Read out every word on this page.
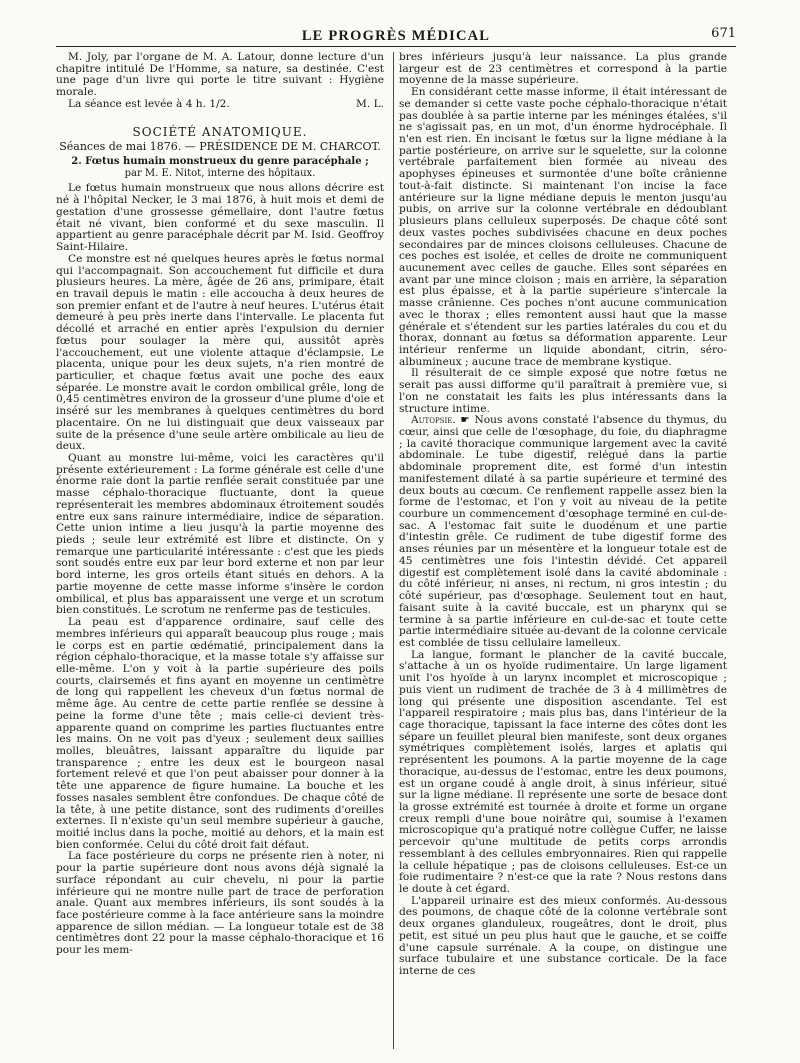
LE PROGRÈS MÉDICAL	671

M. Joly, par l'organe de M. A. Latour, donne lecture d'un chapitre intitulé De l'Homme, sa nature, sa destinée. C'est une page d'un livre qui porte le titre suivant : Hygiène morale.

La séance est levée à 4 h. 1/2.	M. L.

SOCIÉTÉ ANATOMIQUE.
Séances de mai 1876. — PRÉSIDENCE DE M. CHARCOT.
2. Fœtus humain monstrueux du genre paracéphale ;
par M. E. Nitot, interne des hôpitaux.

Le fœtus humain monstrueux que nous allons décrire est né à l'hôpital Necker, le 3 mai 1876, à huit mois et demi de gestation d'une grossesse gémellaire, dont l'autre fœtus était né vivant, bien conformé et du sexe masculin. Il appartient au genre paracéphale décrit par M. Isid. Geoffroy Saint-Hilaire.

Ce monstre est né quelques heures après le fœtus normal qui l'accompagnait. Son accouchement fut difficile et dura plusieurs heures. La mère, âgée de 26 ans, primipare, était en travail depuis le matin : elle accoucha à deux heures de son premier enfant et de l'autre à neuf heures. L'utérus était demeuré à peu près inerte dans l'intervalle. Le placenta fut décollé et arraché en entier après l'expulsion du dernier fœtus pour soulager la mère qui, aussitôt après l'accouchement, eut une violente attaque d'éclampsie. Le placenta, unique pour les deux sujets, n'a rien montré de particulier, et chaque fœtus avait une poche des eaux séparée. Le monstre avait le cordon ombilical grêle, long de 0,45 centimètres environ de la grosseur d'une plume d'oie et inséré sur les membranes à quelques centimètres du bord placentaire. On ne lui distinguait que deux vaisseaux par suite de la présence d'une seule artère ombilicale au lieu de deux.

Quant au monstre lui-même, voici les caractères qu'il présente extérieurement : La forme générale est celle d'une énorme raie dont la partie renflée serait constituée par une masse céphalo-thoracique fluctuante, dont la queue représenterait les membres abdominaux étroitement soudés entre eux sans rainure intermédiaire, indice de séparation. Cette union intime a lieu jusqu'à la partie moyenne des pieds ; seule leur extrémité est libre et distincte. On y remarque une particularité intéressante : c'est que les pieds sont soudés entre eux par leur bord externe et non par leur bord interne, les gros orteils étant situés en dehors. A la partie moyenne de cette masse informe s'insère le cordon ombilical, et plus bas apparaissent une verge et un scrotum bien constitués. Le scrotum ne renferme pas de testicules.

La peau est d'apparence ordinaire, sauf celle des membres inférieurs qui apparaît beaucoup plus rouge ; mais le corps est en partie œdématié, principalement dans la région céphalo-thoracique, et la masse totale s'y affaisse sur elle-même. L'on y voit à la partie supérieure des poils courts, clairsemés et fins ayant en moyenne un centimètre de long qui rappellent les cheveux d'un fœtus normal de même âge. Au centre de cette partie renflée se dessine à peine la forme d'une tête ; mais celle-ci devient très-apparente quand on comprime les parties fluctuantes entre les mains. On ne voit pas d'yeux ; seulement deux saillies molles, bleuâtres, laissant apparaître du liquide par transparence ; entre les deux est le bourgeon nasal fortement relevé et que l'on peut abaisser pour donner à la tête une apparence de figure humaine. La bouche et les fosses nasales semblent être confondues. De chaque côté de la tête, à une petite distance, sont des rudiments d'oreilles externes. Il n'existe qu'un seul membre supérieur à gauche, moitié inclus dans la poche, moitié au dehors, et la main est bien conformée. Celui du côté droit fait défaut.

La face postérieure du corps ne présente rien à noter, ni pour la partie supérieure dont nous avons déjà signalé la surface répondant au cuir chevelu, ni pour la partie inférieure qui ne montre nulle part de trace de perforation anale. Quant aux membres inférieurs, ils sont soudés à la face postérieure comme à la face antérieure sans la moindre apparence de sillon médian. — La longueur totale est de 38 centimètres dont 22 pour la masse céphalo-thoracique et 16 pour les mem-

bres inférieurs jusqu'à leur naissance. La plus grande largeur est de 23 centimètres et correspond à la partie moyenne de la masse supérieure.

En considérant cette masse informe, il était intéressant de se demander si cette vaste poche céphalo-thoracique n'était pas doublée à sa partie interne par les méninges étalées, s'il ne s'agissait pas, en un mot, d'un énorme hydrocéphale. Il n'en est rien. En incisant le fœtus sur la ligne médiane à la partie postérieure, on arrive sur le squelette, sur la colonne vertébrale parfaitement bien formée au niveau des apophyses épineuses et surmontée d'une boîte crânienne tout-à-fait distincte. Si maintenant l'on incise la face antérieure sur la ligne médiane depuis le menton jusqu'au pubis, on arrive sur la colonne vertébrale en dédoublant plusieurs plans celluleux superposés. De chaque côté sont deux vastes poches subdivisées chacune en deux poches secondaires par de minces cloisons celluleuses. Chacune de ces poches est isolée, et celles de droite ne communiquent aucunement avec celles de gauche. Elles sont séparées en avant par une mince cloison ; mais en arrière, la séparation est plus épaisse, et à la partie supérieure s'intercale la masse crânienne. Ces poches n'ont aucune communication avec le thorax ; elles remontent aussi haut que la masse générale et s'étendent sur les parties latérales du cou et du thorax, donnant au fœtus sa déformation apparente. Leur intérieur renferme un liquide abondant, citrin, séro-albumineux ; aucune trace de membrane kystique.

Il résulterait de ce simple exposé que notre fœtus ne serait pas aussi difforme qu'il paraîtrait à première vue, si l'on ne constatait les faits les plus intéressants dans la structure intime.

Autopsie. ☛ Nous avons constaté l'absence du thymus, du cœur, ainsi que celle de l'œsophage, du foie, du diaphragme ; la cavité thoracique communique largement avec la cavité abdominale. Le tube digestif, relégué dans la partie abdominale proprement dite, est formé d'un intestin manifestement dilaté à sa partie supérieure et terminé des deux bouts au cœcum. Ce renflement rappelle assez bien la forme de l'estomac, et l'on y voit au niveau de la petite courbure un commencement d'œsophage terminé en cul-de-sac. A l'estomac fait suite le duodénum et une partie d'intestin grêle. Ce rudiment de tube digestif forme des anses réunies par un mésentère et la longueur totale est de 45 centimètres une fois l'intestin dévidé. Cet appareil digestif est complètement isolé dans la cavité abdominale : du côté inférieur, ni anses, ni rectum, ni gros intestin ; du côté supérieur, pas d'œsophage. Seulement tout en haut, faisant suite à la cavité buccale, est un pharynx qui se termine à sa partie inférieure en cul-de-sac et toute cette partie intermédiaire située au-devant de la colonne cervicale est comblée de tissu cellulaire lamelleux.

La langue, formant le plancher de la cavité buccale, s'attache à un os hyoïde rudimentaire. Un large ligament unit l'os hyoïde à un larynx incomplet et microscopique ; puis vient un rudiment de trachée de 3 à 4 millimètres de long qui présente une disposition ascendante. Tel est l'appareil respiratoire ; mais plus bas, dans l'intérieur de la cage thoracique, tapissant la face interne des côtes dont les sépare un feuillet pleural bien manifeste, sont deux organes symétriques complètement isolés, larges et aplatis qui représentent les poumons. A la partie moyenne de la cage thoracique, au-dessus de l'estomac, entre les deux poumons, est un organe coudé à angle droit, à sinus inférieur, situé sur la ligne médiane. Il représente une sorte de besace dont la grosse extrémité est tournée à droite et forme un organe creux rempli d'une boue noirâtre qui, soumise à l'examen microscopique qu'a pratiqué notre collègue Cuffer, ne laisse percevoir qu'une multitude de petits corps arrondis ressemblant à des cellules embryonnaires. Rien qui rappelle la cellule hépatique ; pas de cloisons celluleuses. Est-ce un foie rudimentaire ? n'est-ce que la rate ? Nous restons dans le doute à cet égard.

L'appareil urinaire est des mieux conformés. Au-dessous des poumons, de chaque côté de la colonne vertébrale sont deux organes glanduleux, rougeâtres, dont le droit, plus petit, est situé un peu plus haut que le gauche, et se coiffe d'une capsule surrénale. A la coupe, on distingue une surface tubulaire et une substance corticale. De la face interne de ces
